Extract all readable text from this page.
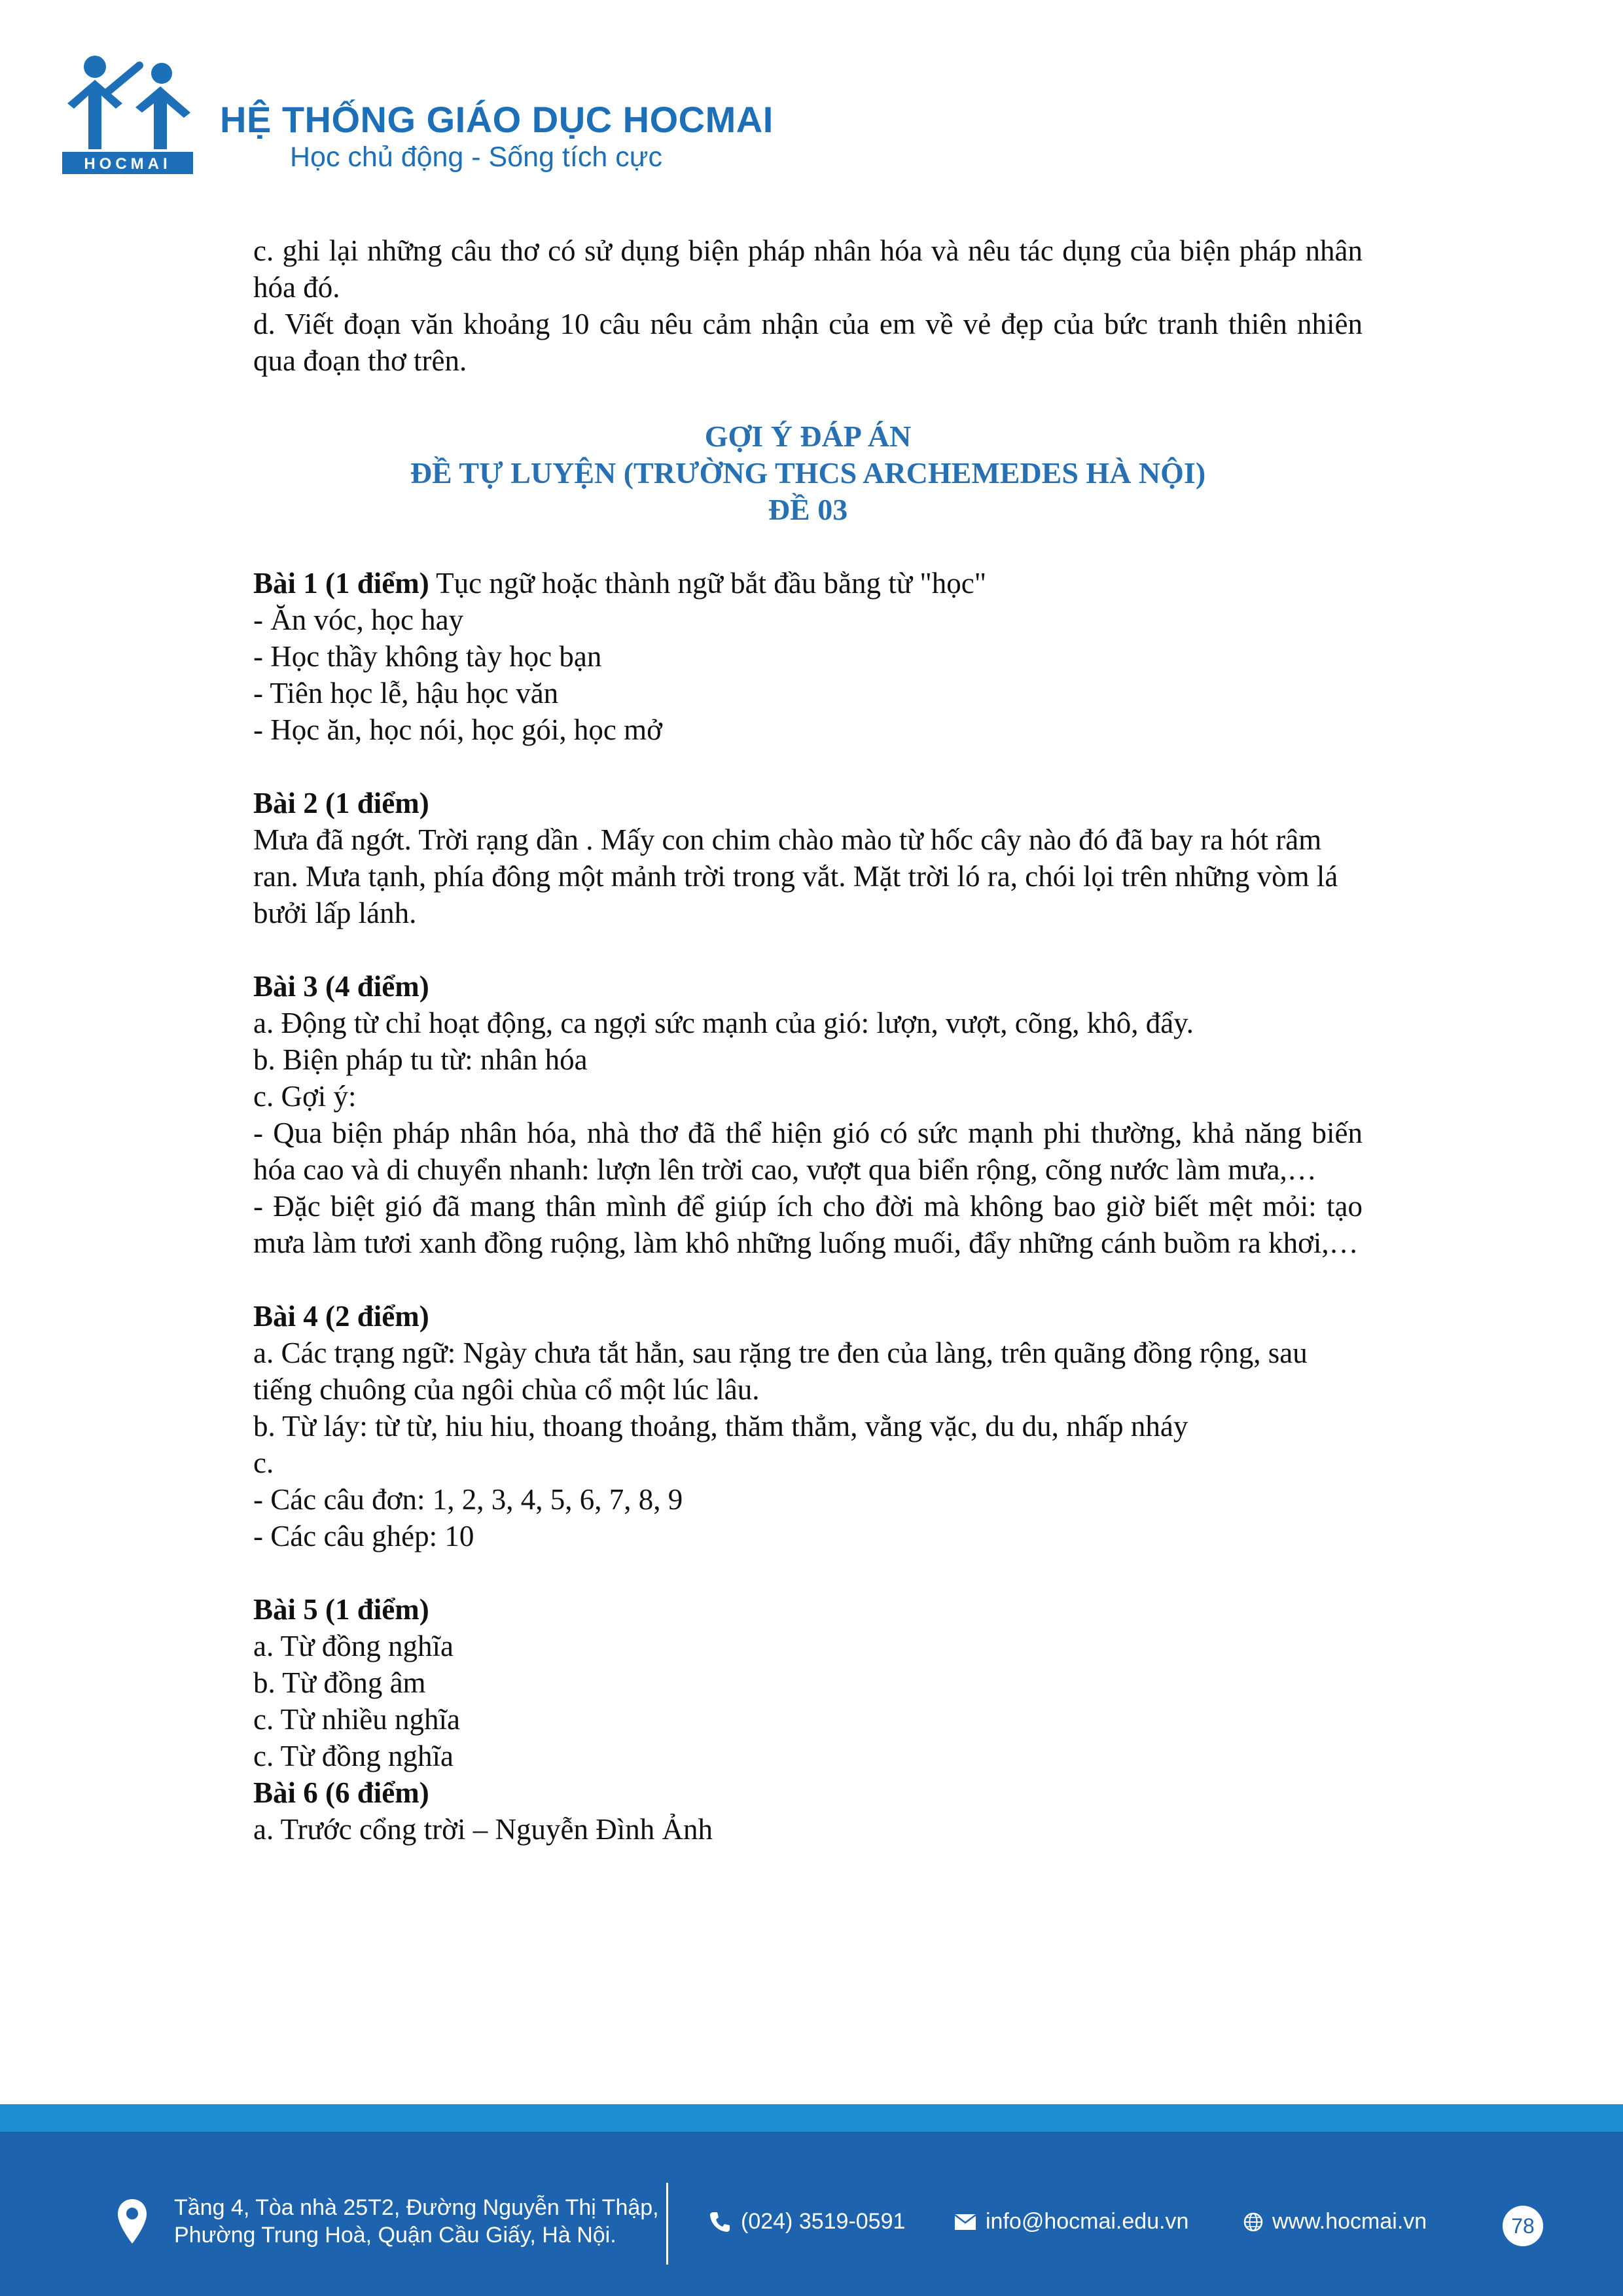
HOCMAI
HỆ THỐNG GIÁO DỤC HOCMAI
Học chủ động - Sống tích cực

c. ghi lại những câu thơ có sử dụng biện pháp nhân hóa và nêu tác dụng của biện pháp nhân hóa đó.

d. Viết đoạn văn khoảng 10 câu nêu cảm nhận của em về vẻ đẹp của bức tranh thiên nhiên qua đoạn thơ trên.

GỢI Ý ĐÁP ÁN
ĐỀ TỰ LUYỆN (TRƯỜNG THCS ARCHEMEDES HÀ NỘI)
ĐỀ 03

Bài 1 (1 điểm) Tục ngữ hoặc thành ngữ bắt đầu bằng từ "học"

- Ăn vóc, học hay

- Học thầy không tày học bạn

- Tiên học lễ, hậu học văn

- Học ăn, học nói, học gói, học mở

Bài 2 (1 điểm)

Mưa đã ngớt. Trời rạng dần . Mấy con chim chào mào từ hốc cây nào đó đã bay ra hót râm ran. Mưa tạnh, phía đông một mảnh trời trong vắt. Mặt trời ló ra, chói lọi trên những vòm lá bưởi lấp lánh.

Bài 3 (4 điểm)

a. Động từ chỉ hoạt động, ca ngợi sức mạnh của gió: lượn, vượt, cõng, khô, đẩy.

b. Biện pháp tu từ: nhân hóa

c. Gợi ý:

- Qua biện pháp nhân hóa, nhà thơ đã thể hiện gió có sức mạnh phi thường, khả năng biến hóa cao và di chuyển nhanh: lượn lên trời cao, vượt qua biển rộng, cõng nước làm mưa,…

- Đặc biệt gió đã mang thân mình để giúp ích cho đời mà không bao giờ biết mệt mỏi: tạo mưa làm tươi xanh đồng ruộng, làm khô những luống muối, đẩy những cánh buồm ra khơi,…

Bài 4 (2 điểm)

a. Các trạng ngữ: Ngày chưa tắt hẳn, sau rặng tre đen của làng, trên quãng đồng rộng, sau tiếng chuông của ngôi chùa cổ một lúc lâu.

b. Từ láy: từ từ, hiu hiu, thoang thoảng, thăm thẳm, vằng vặc, du du, nhấp nháy

c.

- Các câu đơn: 1, 2, 3, 4, 5, 6, 7, 8, 9

- Các câu ghép: 10

Bài 5 (1 điểm)

a. Từ đồng nghĩa

b. Từ đồng âm

c. Từ nhiều nghĩa

c. Từ đồng nghĩa

Bài 6 (6 điểm)

a. Trước cổng trời – Nguyễn Đình Ảnh

Tầng 4, Tòa nhà 25T2, Đường Nguyễn Thị Thập,
Phường Trung Hoà, Quận Cầu Giấy, Hà Nội.
(024) 3519-0591	info@hocmai.edu.vn	www.hocmai.vn	78
